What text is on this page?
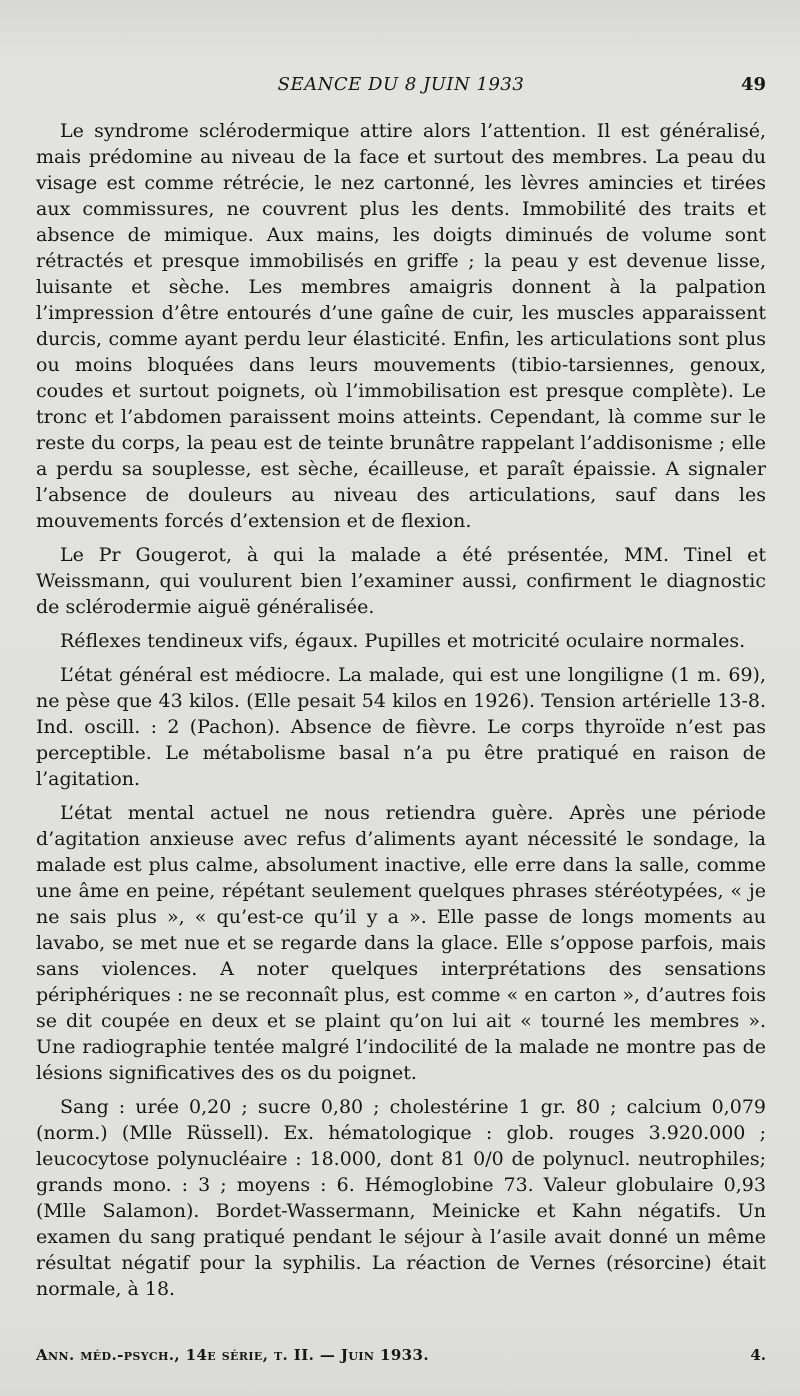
SEANCE DU 8 JUIN 1933	49

Le syndrome sclérodermique attire alors l’attention. Il est généralisé, mais prédomine au niveau de la face et surtout des membres. La peau du visage est comme rétrécie, le nez cartonné, les lèvres amincies et tirées aux commissures, ne couvrent plus les dents. Immobilité des traits et absence de mimique. Aux mains, les doigts diminués de volume sont rétractés et presque immobilisés en griffe ; la peau y est devenue lisse, luisante et sèche. Les membres amaigris donnent à la palpation l’impression d’être entourés d’une gaîne de cuir, les muscles apparaissent durcis, comme ayant perdu leur élasticité. Enfin, les articulations sont plus ou moins bloquées dans leurs mouvements (tibio-tarsiennes, genoux, coudes et surtout poignets, où l’immobilisation est presque complète). Le tronc et l’abdomen paraissent moins atteints. Cependant, là comme sur le reste du corps, la peau est de teinte brunâtre rappelant l’addisonisme ; elle a perdu sa souplesse, est sèche, écailleuse, et paraît épaissie. A signaler l’absence de douleurs au niveau des articulations, sauf dans les mouvements forcés d’extension et de flexion.

Le Pr Gougerot, à qui la malade a été présentée, MM. Tinel et Weissmann, qui voulurent bien l’examiner aussi, confirment le diagnostic de sclérodermie aiguë généralisée.

Réflexes tendineux vifs, égaux. Pupilles et motricité oculaire normales.

L’état général est médiocre. La malade, qui est une longiligne (1 m. 69), ne pèse que 43 kilos. (Elle pesait 54 kilos en 1926). Tension artérielle 13-8. Ind. oscill. : 2 (Pachon). Absence de fièvre. Le corps thyroïde n’est pas perceptible. Le métabolisme basal n’a pu être pratiqué en raison de l’agitation.

L’état mental actuel ne nous retiendra guère. Après une période d’agitation anxieuse avec refus d’aliments ayant nécessité le sondage, la malade est plus calme, absolument inactive, elle erre dans la salle, comme une âme en peine, répétant seulement quelques phrases stéréotypées, « je ne sais plus », « qu’est-ce qu’il y a ». Elle passe de longs moments au lavabo, se met nue et se regarde dans la glace. Elle s’oppose parfois, mais sans violences. A noter quelques interprétations des sensations périphériques : ne se reconnaît plus, est comme « en carton », d’autres fois se dit coupée en deux et se plaint qu’on lui ait « tourné les membres ». Une radiographie tentée malgré l’indocilité de la malade ne montre pas de lésions significatives des os du poignet.

Sang : urée 0,20 ; sucre 0,80 ; cholestérine 1 gr. 80 ; calcium 0,079 (norm.) (Mlle Rüssell). Ex. hématologique : glob. rouges 3.920.000 ; leucocytose polynucléaire : 18.000, dont 81 0/0 de polynucl. neutrophiles; grands mono. : 3 ; moyens : 6. Hémoglobine 73. Valeur globulaire 0,93 (Mlle Salamon). Bordet-Wassermann, Meinicke et Kahn négatifs. Un examen du sang pratiqué pendant le séjour à l’asile avait donné un même résultat négatif pour la syphilis. La réaction de Vernes (résorcine) était normale, à 18.

Ann. méd.-psych., 14e série, t. II. — Juin 1933.	4.
